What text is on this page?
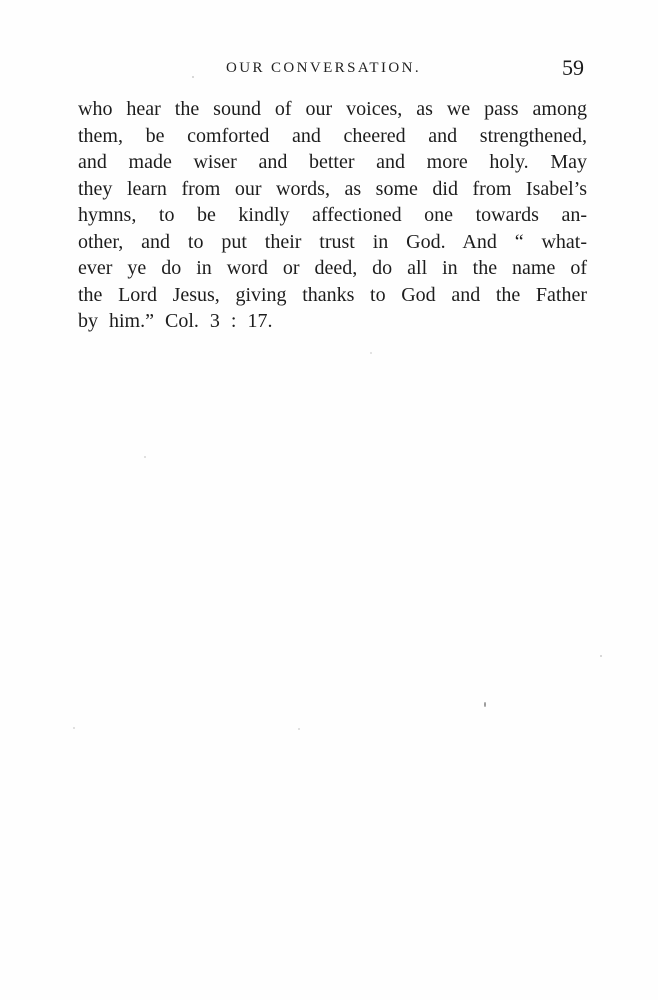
OUR CONVERSATION.	59
who hear the sound of our voices, as we pass among
them, be comforted and cheered and strengthened,
and made wiser and better and more holy. May
they learn from our words, as some did from Isabel’s
hymns, to be kindly affectioned one towards an-
other, and to put their trust in God. And “ what-
ever ye do in word or deed, do all in the name of
the Lord Jesus, giving thanks to God and the Father
by him.” Col. 3 : 17.
